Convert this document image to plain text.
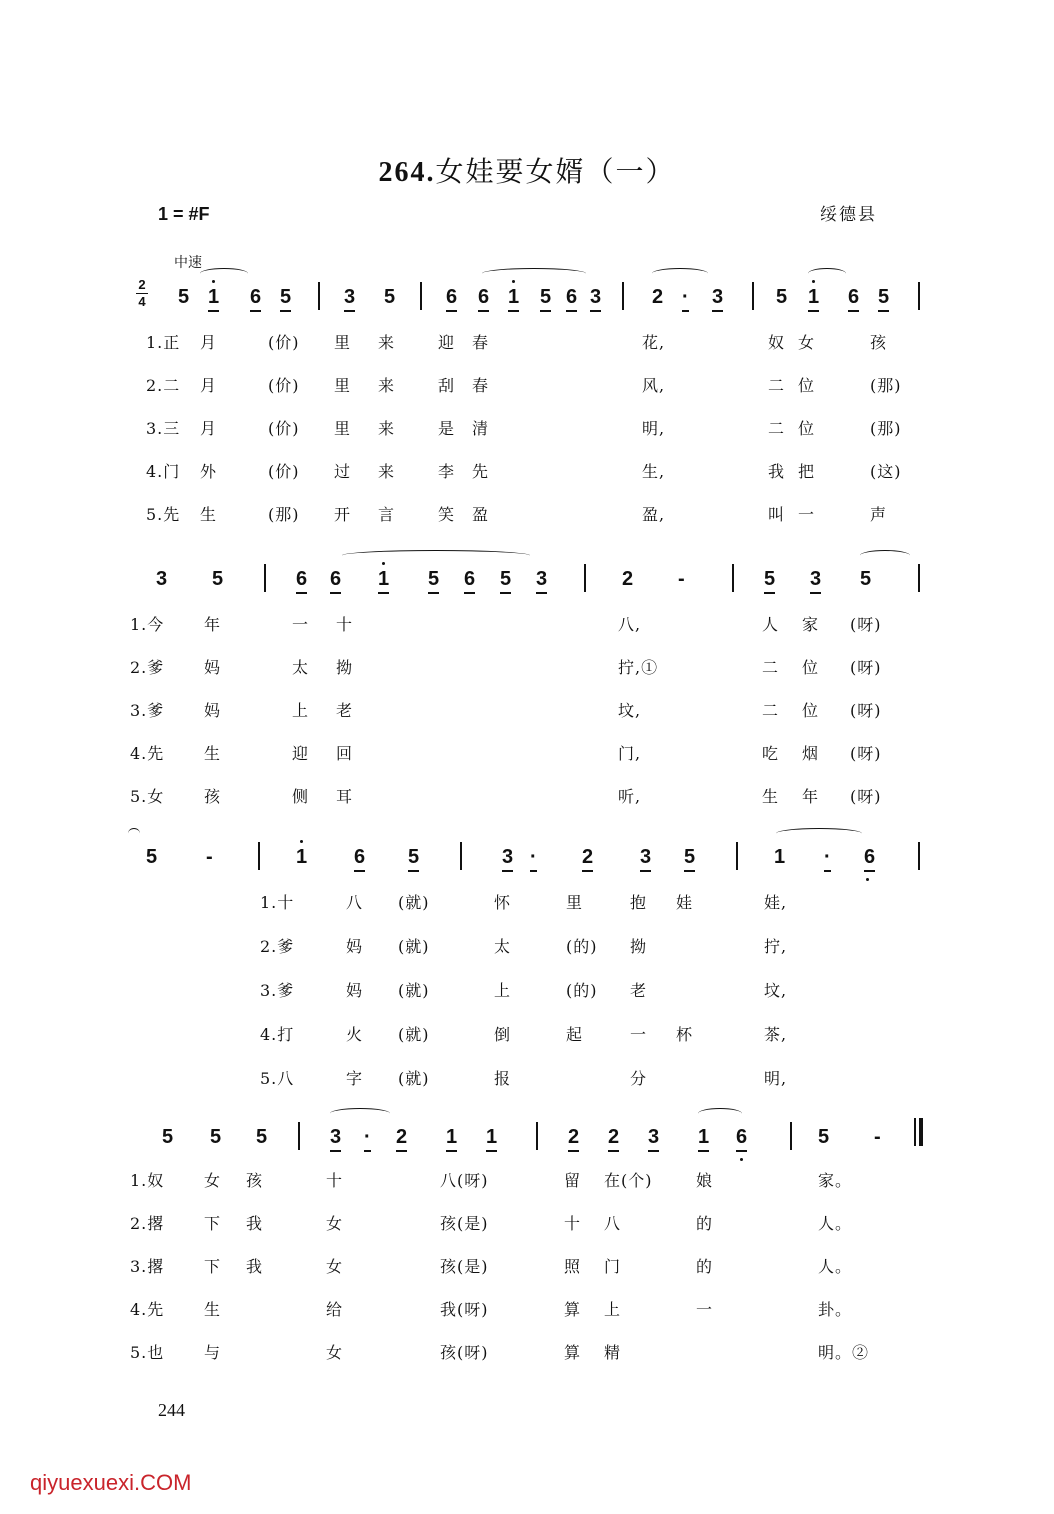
264.女娃要女婿（一）
1 = #F	绥德县
中速
2
4 5 1 6 5	3 5	6 6 1 5 6 3	2 · 3	5 1 6 5
1.正 月	(价) 里 来	迎 春	花,	奴 女	孩
2.二 月	(价) 里 来	刮 春	风,	二 位	(那)
3.三 月	(价) 里 来	是 清	明,	二 位	(那)
4.门 外	(价) 过 来	李 先	生,	我 把	(这)
5.先 生	(那) 开 言	笑 盈	盈,	叫 一	声
3 5	6 6 1 5 6 5 3	2 -	5 3 5
1.今 年	一 十	八,	人 家 (呀)
2.爹 妈	太 拗	拧,①	二 位 (呀)
3.爹 妈	上 老	坟,	二 位 (呀)
4.先 生	迎 回	门,	吃 烟 (呀)
5.女 孩	侧 耳	听,	生 年 (呀)
5 -	1 6 5	3 · 2 3 5	1 · 6
1.十	八 (就)	怀	里	抱 娃	娃,
2.爹	妈 (就)	太	(的) 拗	拧,
3.爹	妈 (就)	上	(的) 老	坟,
4.打	火 (就)	倒	起	一 杯	茶,
5.八	字 (就)	报	分	明,
5 5 5	3 · 2 1 1	2 2 3 1 6	5 -
1.奴 女 孩	十	八(呀)	留 在(个)	娘	家。
2.撂 下 我	女	孩(是)	十 八	的	人。
3.撂 下 我	女	孩(是)	照 门	的	人。
4.先 生	给	我(呀)	算 上	一	卦。
5.也 与	女	孩(呀)	算 精	明。②
244
qiyuexuexi.COM
